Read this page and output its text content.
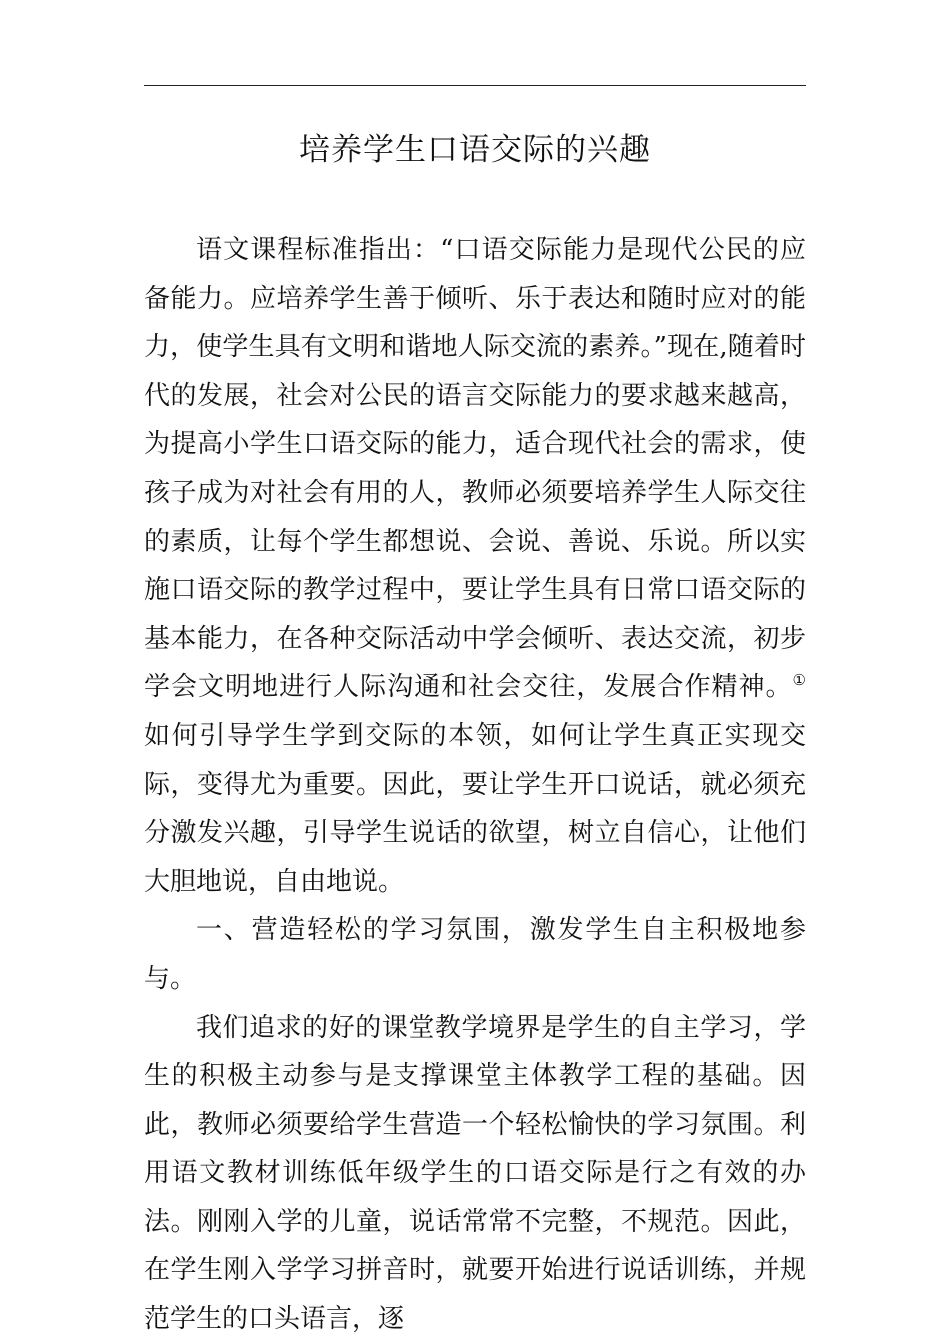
培养学生口语交际的兴趣

语文课程标准指出：“口语交际能力是现代公民的应备能力。应培养学生善于倾听、乐于表达和随时应对的能力，使学生具有文明和谐地人际交流的素养。”现在,随着时代的发展，社会对公民的语言交际能力的要求越来越高，为提高小学生口语交际的能力，适合现代社会的需求，使孩子成为对社会有用的人，教师必须要培养学生人际交往的素质，让每个学生都想说、会说、善说、乐说。所以实施口语交际的教学过程中，要让学生具有日常口语交际的基本能力，在各种交际活动中学会倾听、表达交流，初步学会文明地进行人际沟通和社会交往，发展合作精神。①如何引导学生学到交际的本领，如何让学生真正实现交际，变得尤为重要。因此，要让学生开口说话，就必须充分激发兴趣，引导学生说话的欲望，树立自信心，让他们大胆地说，自由地说。

一、营造轻松的学习氛围，激发学生自主积极地参与。

我们追求的好的课堂教学境界是学生的自主学习，学生的积极主动参与是支撑课堂主体教学工程的基础。因此，教师必须要给学生营造一个轻松愉快的学习氛围。利用语文教材训练低年级学生的口语交际是行之有效的办法。刚刚入学的儿童，说话常常不完整，不规范。因此，在学生刚入学学习拼音时，就要开始进行说话训练，并规范学生的口头语言，逐
